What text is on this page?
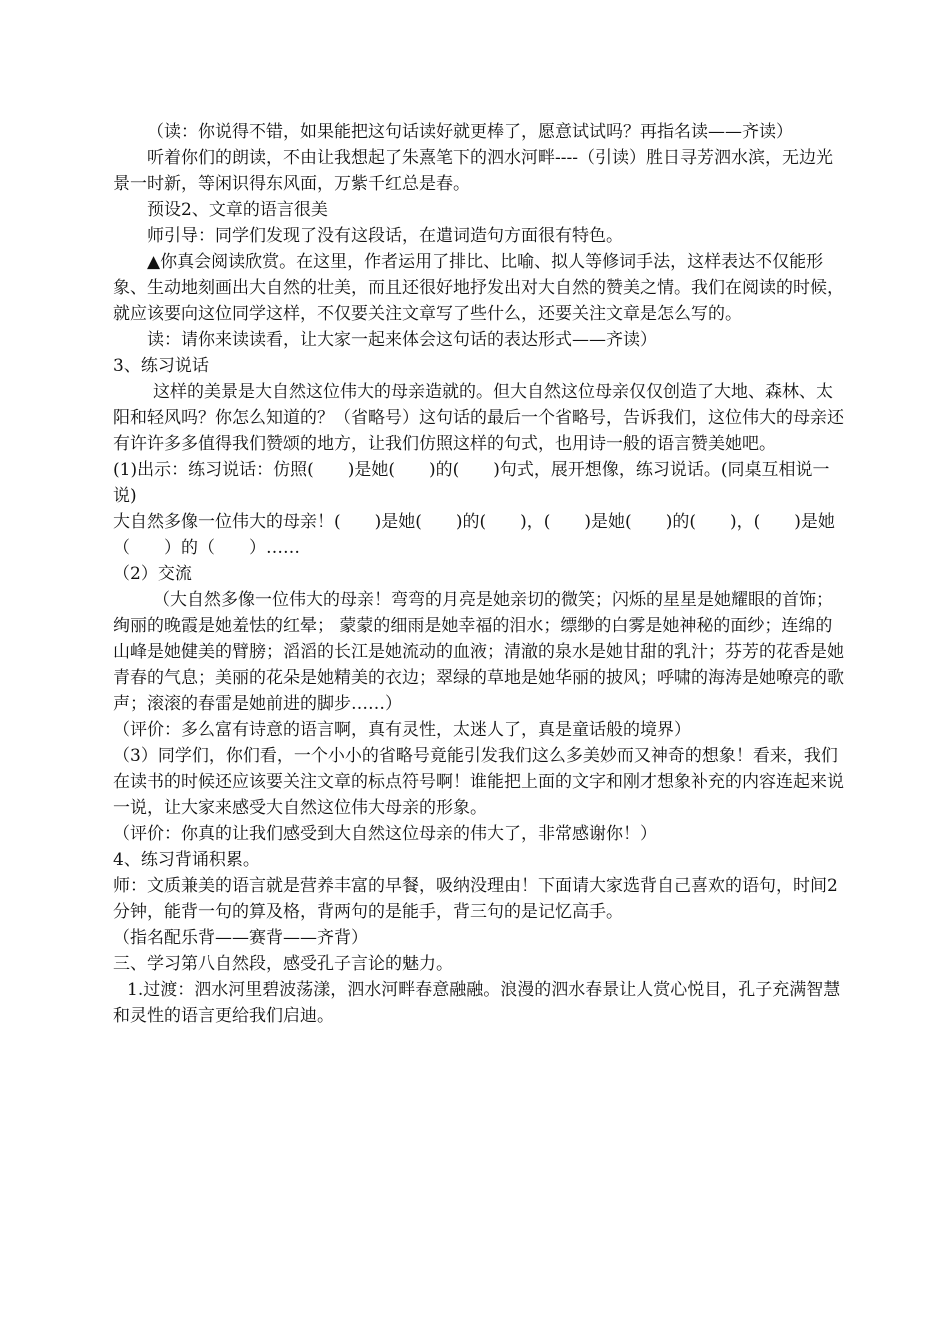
（读：你说得不错，如果能把这句话读好就更棒了，愿意试试吗？再指名读——齐读）

听着你们的朗读，不由让我想起了朱熹笔下的泗水河畔----（引读）胜日寻芳泗水滨，无边光景一时新，等闲识得东风面，万紫千红总是春。

预设2、文章的语言很美

师引导：同学们发现了没有这段话，在遣词造句方面很有特色。

▲你真会阅读欣赏。在这里，作者运用了排比、比喻、拟人等修词手法，这样表达不仅能形象、生动地刻画出大自然的壮美，而且还很好地抒发出对大自然的赞美之情。我们在阅读的时候，就应该要向这位同学这样，不仅要关注文章写了些什么，还要关注文章是怎么写的。

读：请你来读读看，让大家一起来体会这句话的表达形式——齐读）

3、练习说话

这样的美景是大自然这位伟大的母亲造就的。但大自然这位母亲仅仅创造了大地、森林、太阳和轻风吗？你怎么知道的？（省略号）这句话的最后一个省略号，告诉我们，这位伟大的母亲还有许许多多值得我们赞颂的地方，让我们仿照这样的句式，也用诗一般的语言赞美她吧。

(1)出示：练习说话：仿照(　　)是她(　　)的(　　)句式，展开想像，练习说话。(同桌互相说一说)

大自然多像一位伟大的母亲！(　　)是她(　　)的(　　)，(　　)是她(　　)的(　　)，(　　)是她（　　）的（　　）……

（2）交流

（大自然多像一位伟大的母亲！弯弯的月亮是她亲切的微笑；闪烁的星星是她耀眼的首饰；绚丽的晚霞是她羞怯的红晕； 蒙蒙的细雨是她幸福的泪水；缥缈的白雾是她神秘的面纱；连绵的山峰是她健美的臂膀；滔滔的长江是她流动的血液；清澈的泉水是她甘甜的乳汁；芬芳的花香是她青春的气息；美丽的花朵是她精美的衣边；翠绿的草地是她华丽的披风；呼啸的海涛是她嘹亮的歌声；滚滚的春雷是她前进的脚步……）

（评价：多么富有诗意的语言啊，真有灵性，太迷人了，真是童话般的境界）

（3）同学们，你们看，一个小小的省略号竟能引发我们这么多美妙而又神奇的想象！看来，我们在读书的时候还应该要关注文章的标点符号啊！谁能把上面的文字和刚才想象补充的内容连起来说一说，让大家来感受大自然这位伟大母亲的形象。

（评价：你真的让我们感受到大自然这位母亲的伟大了，非常感谢你！）

4、练习背诵积累。

师：文质兼美的语言就是营养丰富的早餐，吸纳没理由！下面请大家选背自己喜欢的语句，时间2分钟，能背一句的算及格，背两句的是能手，背三句的是记忆高手。

（指名配乐背——赛背——齐背）

三、学习第八自然段，感受孔子言论的魅力。

1.过渡：泗水河里碧波荡漾，泗水河畔春意融融。浪漫的泗水春景让人赏心悦目，孔子充满智慧和灵性的语言更给我们启迪。
